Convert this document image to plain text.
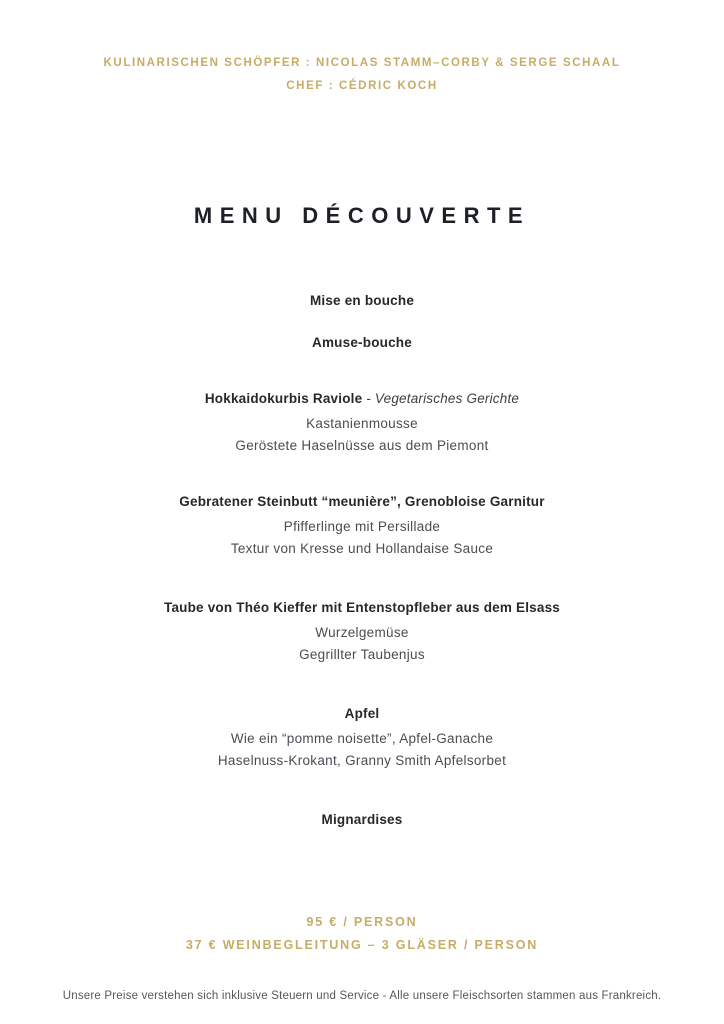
KULINARISCHEN SCHÖPFER : NICOLAS STAMM–CORBY & SERGE SCHAAL
CHEF : CÉDRIC KOCH
MENU DÉCOUVERTE
Mise en bouche
Amuse-bouche
Hokkaidokurbis Raviole - Vegetarisches Gerichte
Kastanienmousse
Geröstete Haselnüsse aus dem Piemont
Gebratener Steinbutt “meunière”, Grenobloise Garnitur
Pfifferlinge mit Persillade
Textur von Kresse und Hollandaise Sauce
Taube von Théo Kieffer mit Entenstopfleber aus dem Elsass
Wurzelgemüse
Gegrillter Taubenjus
Apfel
Wie ein “pomme noisette”, Apfel-Ganache
Haselnuss-Krokant, Granny Smith Apfelsorbet
Mignardises
95 € / PERSON
37 € WEINBEGLEITUNG – 3 GLÄSER / PERSON
Unsere Preise verstehen sich inklusive Steuern und Service - Alle unsere Fleischsorten stammen aus Frankreich.
